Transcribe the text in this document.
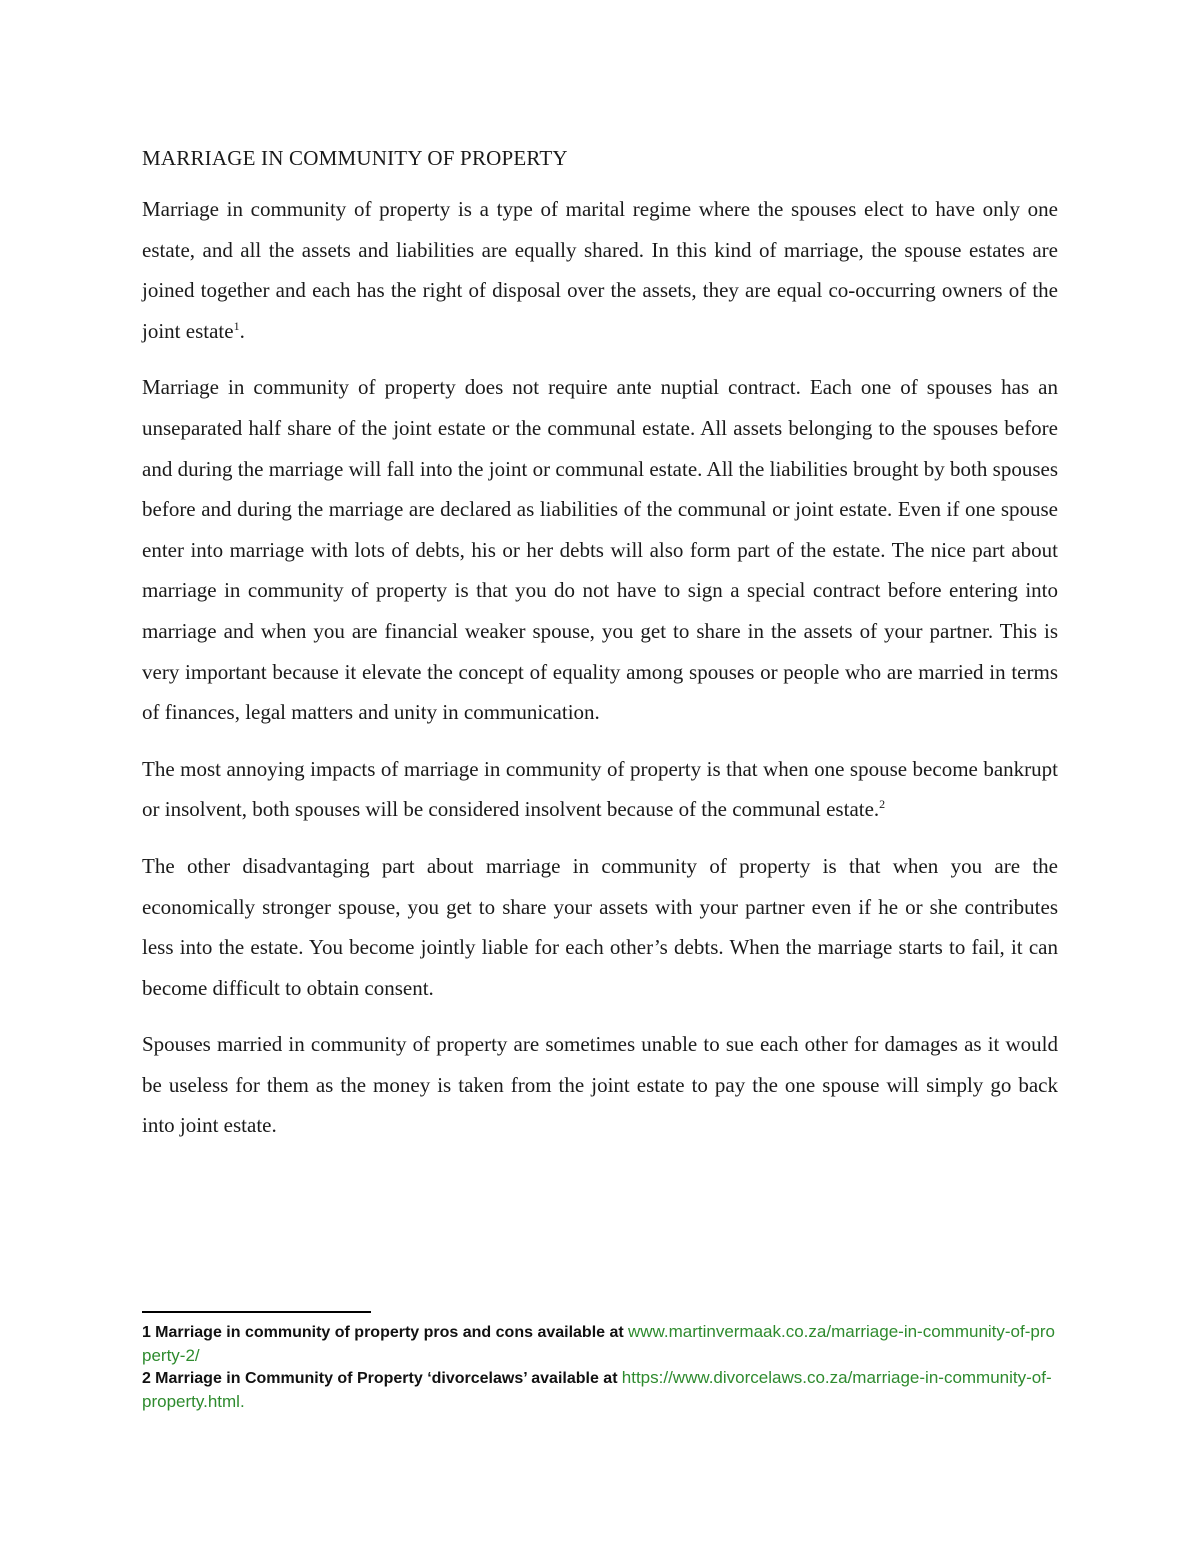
MARRIAGE IN COMMUNITY OF PROPERTY

Marriage in community of property is a type of marital regime where the spouses elect to have only one estate, and all the assets and liabilities are equally shared. In this kind of marriage, the spouse estates are joined together and each has the right of disposal over the assets, they are equal co-occurring owners of the joint estate$^1$.

Marriage in community of property does not require ante nuptial contract. Each one of spouses has an unseparated half share of the joint estate or the communal estate. All assets belonging to the spouses before and during the marriage will fall into the joint or communal estate. All the liabilities brought by both spouses before and during the marriage are declared as liabilities of the communal or joint estate. Even if one spouse enter into marriage with lots of debts, his or her debts will also form part of the estate. The nice part about marriage in community of property is that you do not have to sign a special contract before entering into marriage and when you are financial weaker spouse, you get to share in the assets of your partner. This is very important because it elevate the concept of equality among spouses or people who are married in terms of finances, legal matters and unity in communication.

The most annoying impacts of marriage in community of property is that when one spouse become bankrupt or insolvent, both spouses will be considered insolvent because of the communal estate.$^2$

The other disadvantaging part about marriage in community of property is that when you are the economically stronger spouse, you get to share your assets with your partner even if he or she contributes less into the estate. You become jointly liable for each other’s debts. When the marriage starts to fail, it can become difficult to obtain consent.

Spouses married in community of property are sometimes unable to sue each other for damages as it would be useless for them as the money is taken from the joint estate to pay the one spouse will simply go back into joint estate.

1 Marriage in community of property pros and cons available at www.martinvermaak.co.za/marriage-in-community-of-property-2/

2 Marriage in Community of Property ‘divorcelaws’ available at https://www.divorcelaws.co.za/marriage-in-community-of-property.html.
